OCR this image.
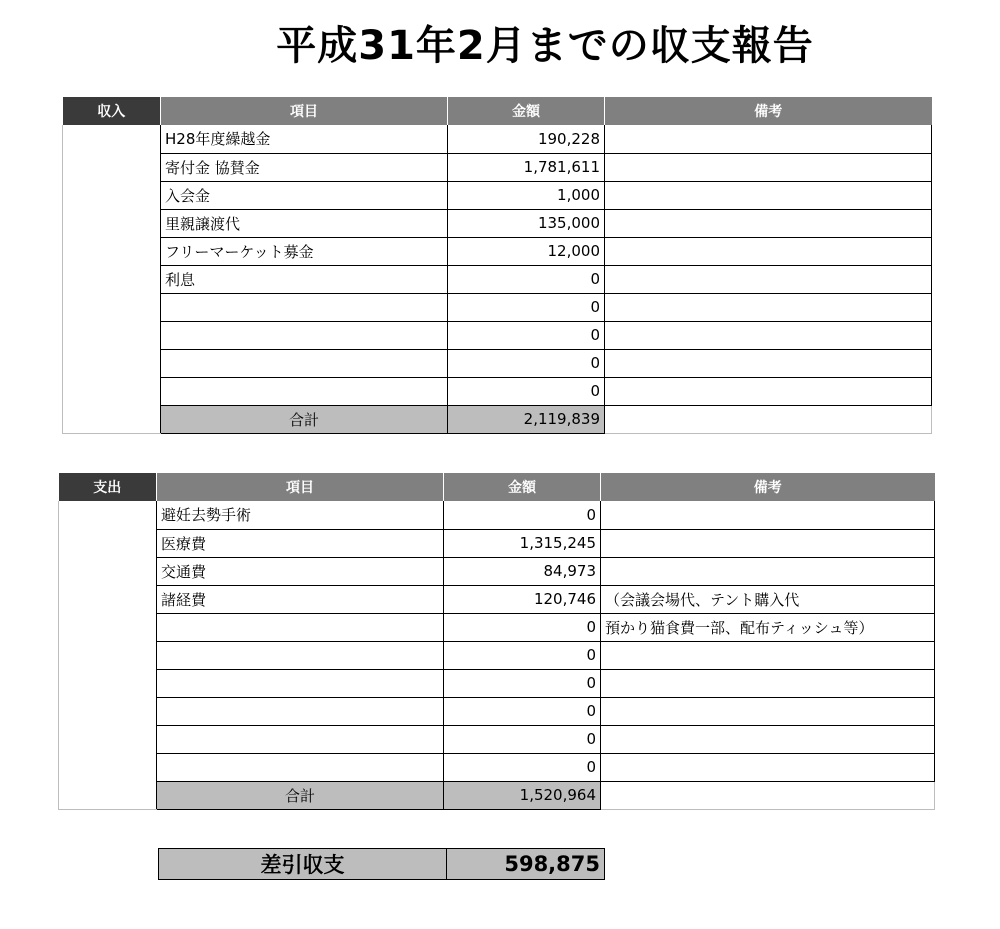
平成31年2月までの収支報告
収入	項目	金額	備考
	H28年度繰越金	190,228	
	寄付金 協賛金	1,781,611	
	入会金	1,000	
	里親譲渡代	135,000	
	フリーマーケット募金	12,000	
	利息	0	
		0	
		0	
		0	
		0	
	合計	2,119,839	
支出	項目	金額	備考
	避妊去勢手術	0	
	医療費	1,315,245	
	交通費	84,973	
	諸経費	120,746	（会議会場代、テント購入代
		0	預かり猫食費一部、配布ティッシュ等）
		0	
		0	
		0	
		0	
		0	
	合計	1,520,964	
差引収支	598,875
